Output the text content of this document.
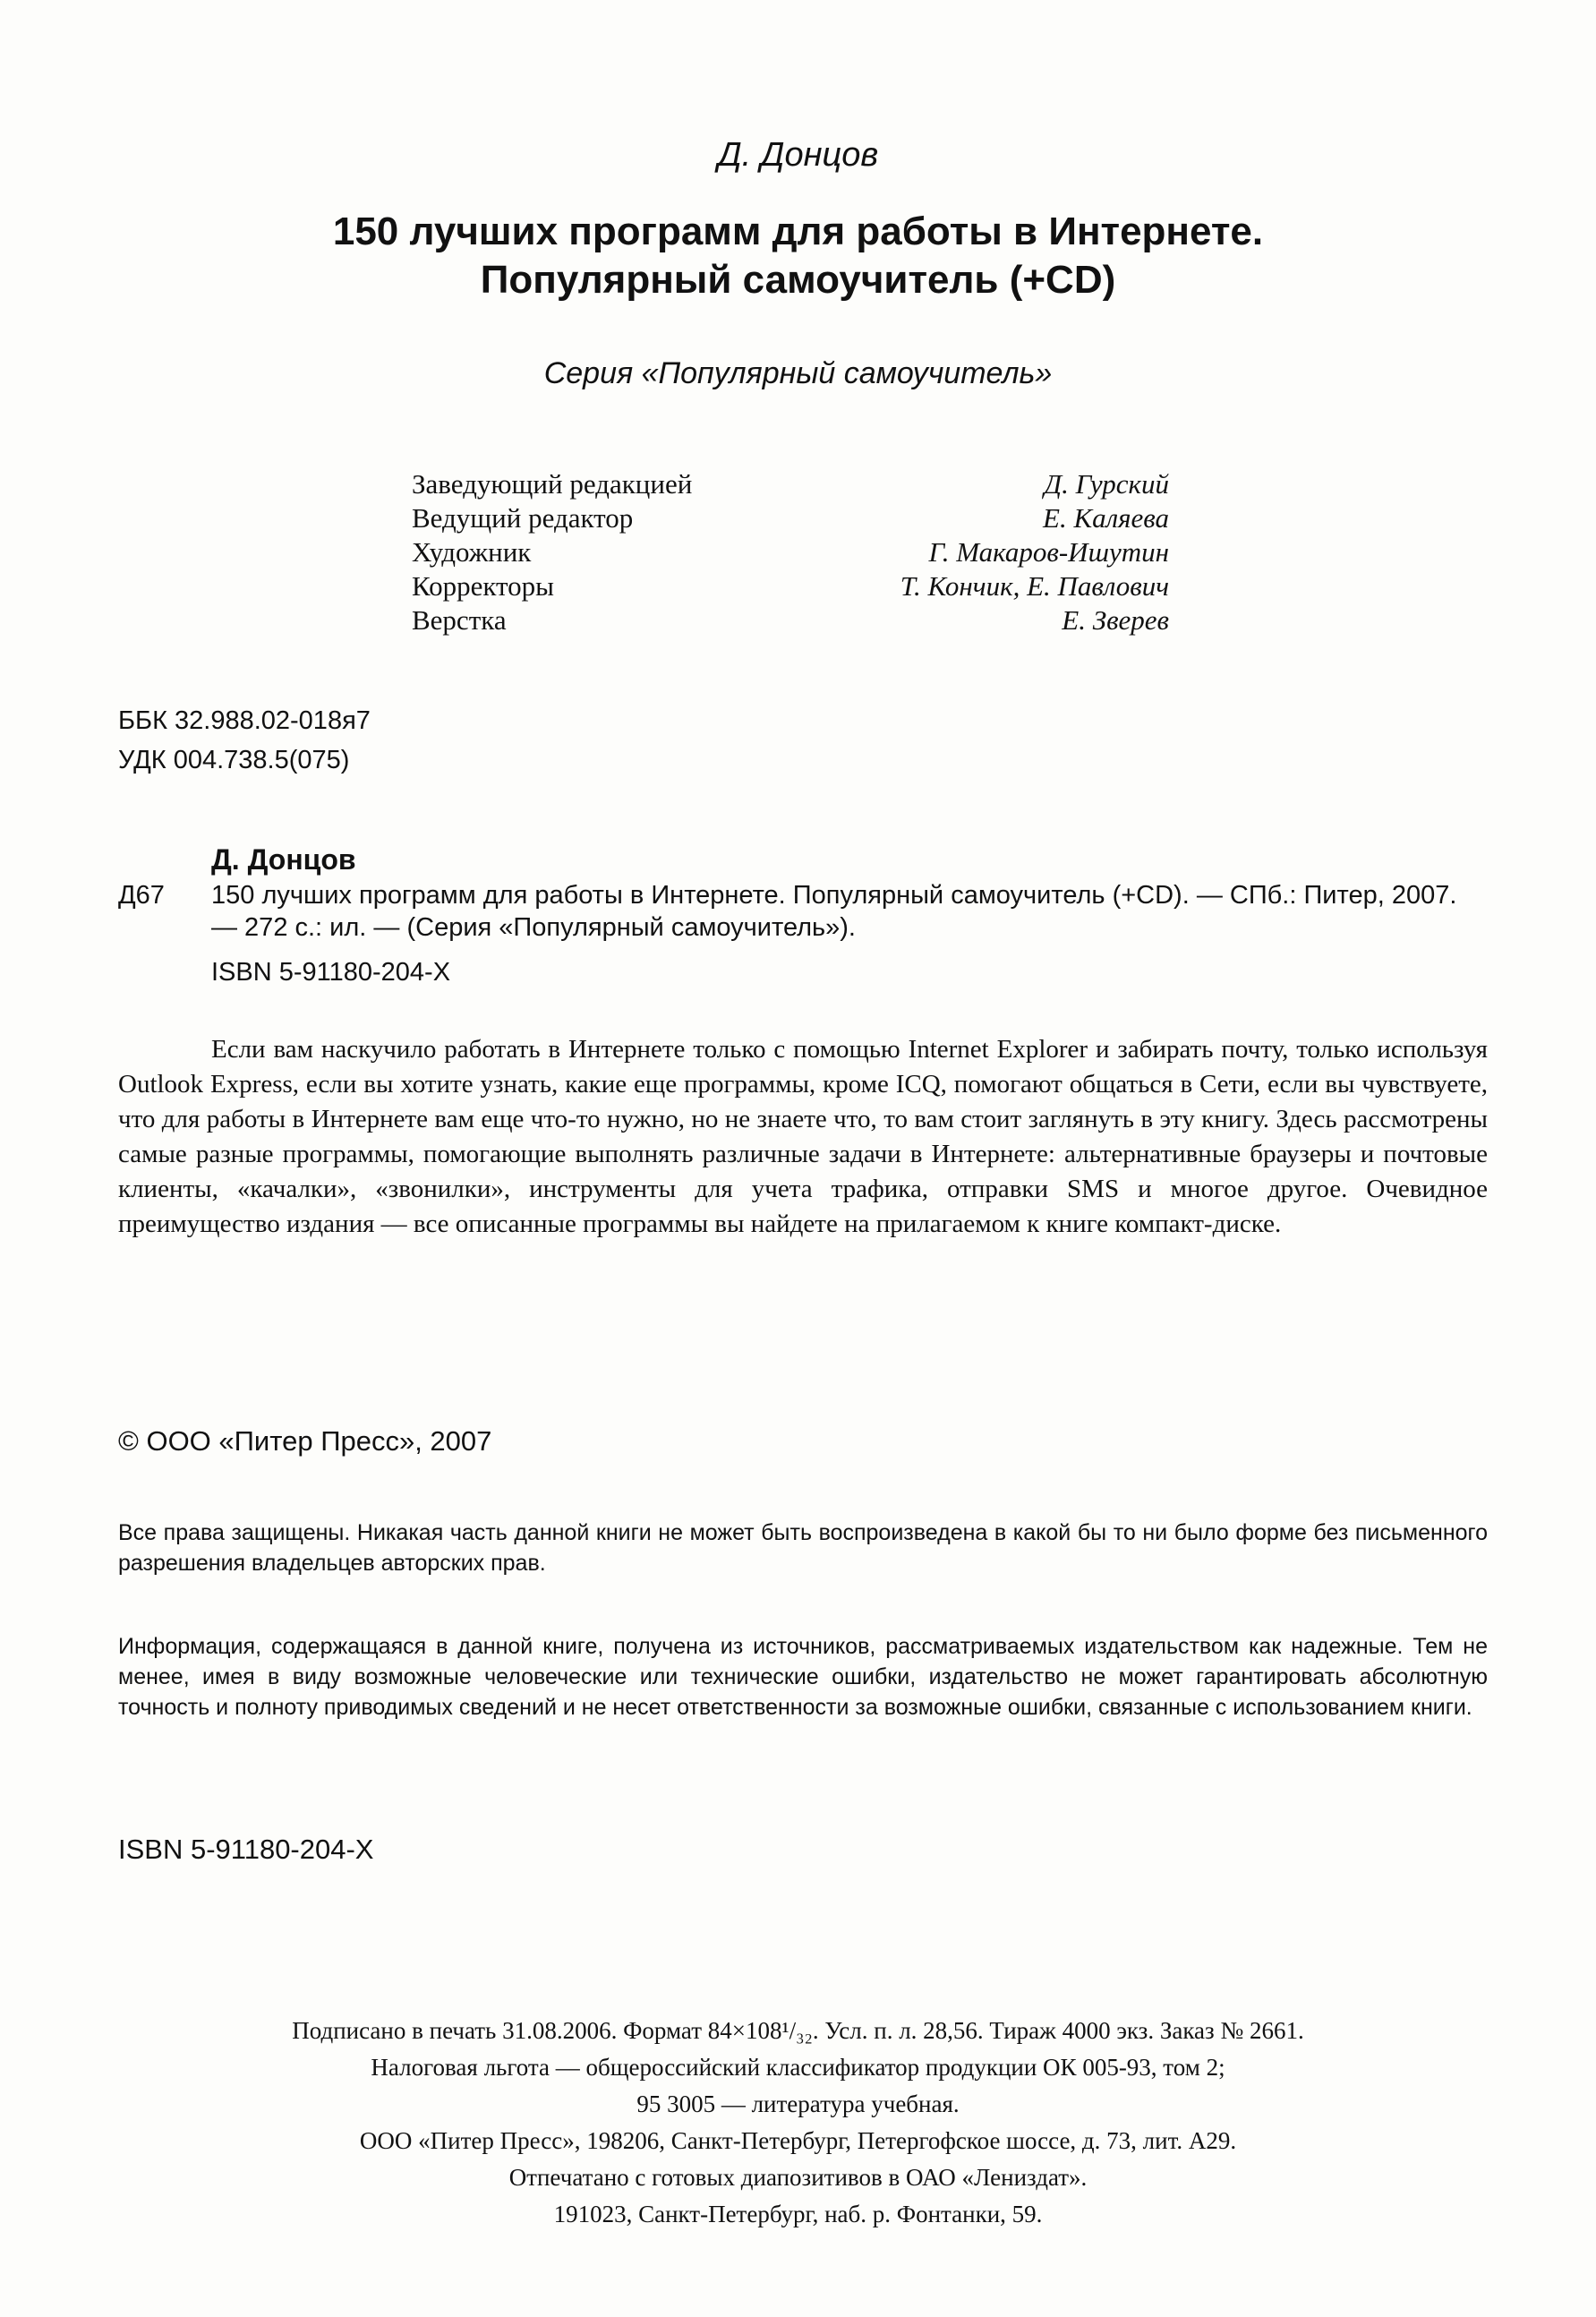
Д. Донцов
150 лучших программ для работы в Интернете.
Популярный самоучитель (+CD)
Серия «Популярный самоучитель»
Заведующий редакцией	Д. Гурский
Ведущий редактор	Е. Каляева
Художник	Г. Макаров-Ишутин
Корректоры	Т. Кончик, Е. Павлович
Верстка	Е. Зверев
ББК 32.988.02-018я7
УДК 004.738.5(075)
Д. Донцов
Д67	150 лучших программ для работы в Интернете. Популярный самоучитель (+CD). — СПб.: Питер, 2007. — 272 с.: ил. — (Серия «Популярный самоучитель»).
ISBN 5-91180-204-X
Если вам наскучило работать в Интернете только с помощью Internet Explorer и забирать почту, только используя Outlook Express, если вы хотите узнать, какие еще программы, кроме ICQ, помогают общаться в Сети, если вы чувствуете, что для работы в Интернете вам еще что-то нужно, но не знаете что, то вам стоит заглянуть в эту книгу. Здесь рассмотрены самые разные программы, помогающие выполнять различные задачи в Интернете: альтернативные браузеры и почтовые клиенты, «качалки», «звонилки», инструменты для учета трафика, отправки SMS и многое другое. Очевидное преимущество издания — все описанные программы вы найдете на прилагаемом к книге компакт-диске.
© ООО «Питер Пресс», 2007
Все права защищены. Никакая часть данной книги не может быть воспроизведена в какой бы то ни было форме без письменного разрешения владельцев авторских прав.
Информация, содержащаяся в данной книге, получена из источников, рассматриваемых издательством как надежные. Тем не менее, имея в виду возможные человеческие или технические ошибки, издательство не может гарантировать абсолютную точность и полноту приводимых сведений и не несет ответственности за возможные ошибки, связанные с использованием книги.
ISBN 5-91180-204-X
Подписано в печать 31.08.2006. Формат 84×108¹/₃₂. Усл. п. л. 28,56. Тираж 4000 экз. Заказ № 2661.
Налоговая льгота — общероссийский классификатор продукции ОК 005-93, том 2;
95 3005 — литература учебная.
ООО «Питер Пресс», 198206, Санкт-Петербург, Петергофское шоссе, д. 73, лит. А29.
Отпечатано с готовых диапозитивов в ОАО «Лениздат».
191023, Санкт-Петербург, наб. р. Фонтанки, 59.
